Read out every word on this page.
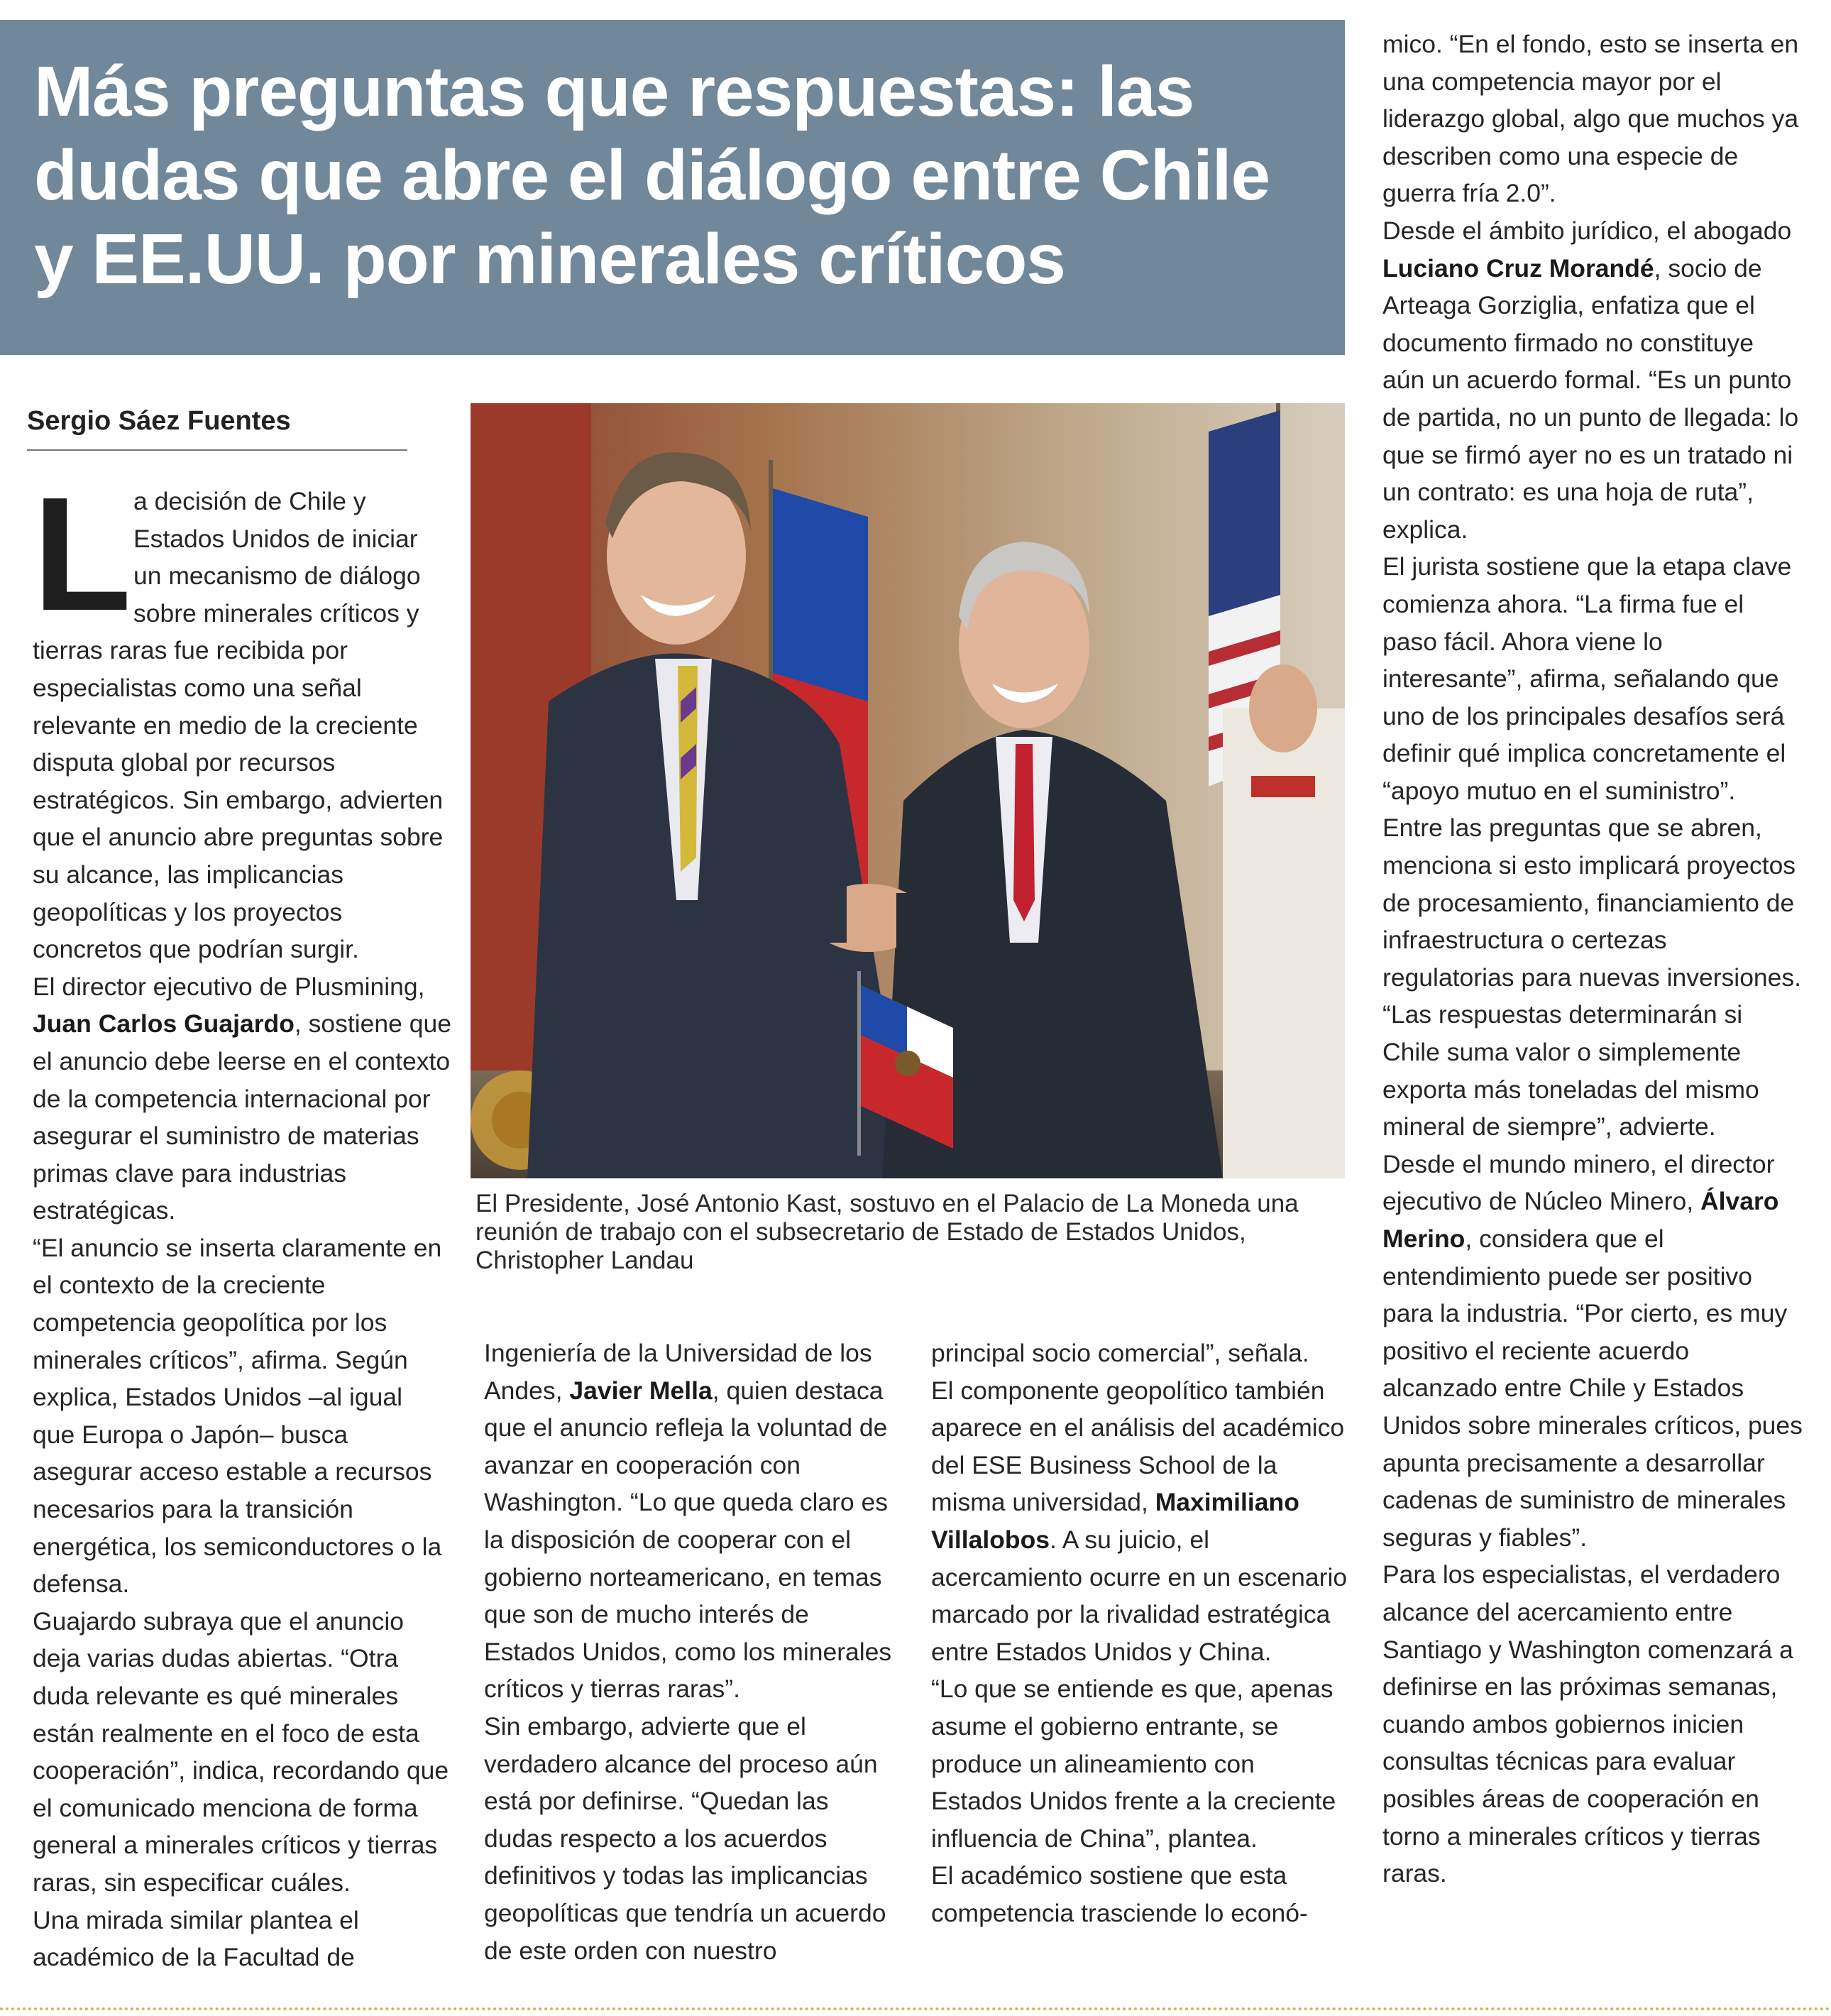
Más preguntas que respuestas: las dudas que abre el diálogo entre Chile y EE.UU. por minerales críticos
Sergio Sáez Fuentes

L a decisión de Chile y Estados Unidos de iniciar un mecanismo de diálogo sobre minerales críticos y tierras raras fue recibida por especialistas como una señal relevante en medio de la creciente disputa global por recursos estratégicos. Sin embargo, advierten que el anuncio abre preguntas sobre su alcance, las implicancias geopolíticas y los proyectos concretos que podrían surgir.

El director ejecutivo de Plusmining, Juan Carlos Guajardo, sostiene que el anuncio debe leerse en el contexto de la competencia internacional por asegurar el suministro de materias primas clave para industrias estratégicas.

“El anuncio se inserta claramente en el contexto de la creciente competencia geopolítica por los minerales críticos”, afirma. Según explica, Estados Unidos –al igual que Europa o Japón– busca asegurar acceso estable a recursos necesarios para la transición energética, los semiconductores o la defensa.

Guajardo subraya que el anuncio deja varias dudas abiertas. “Otra duda relevante es qué minerales están realmente en el foco de esta cooperación”, indica, recordando que el comunicado menciona de forma general a minerales críticos y tierras raras, sin especificar cuáles.

Una mirada similar plantea el académico de la Facultad de

El Presidente, José Antonio Kast, sostuvo en el Palacio de La Moneda una reunión de trabajo con el subsecretario de Estado de Estados Unidos, Christopher Landau

Ingeniería de la Universidad de los Andes, Javier Mella, quien destaca que el anuncio refleja la voluntad de avanzar en cooperación con Washington. “Lo que queda claro es la disposición de cooperar con el gobierno norteamericano, en temas que son de mucho interés de Estados Unidos, como los minerales críticos y tierras raras”.

Sin embargo, advierte que el verdadero alcance del proceso aún está por definirse. “Quedan las dudas respecto a los acuerdos definitivos y todas las implicancias geopolíticas que tendría un acuerdo de este orden con nuestro

principal socio comercial”, señala.

El componente geopolítico también aparece en el análisis del académico del ESE Business School de la misma universidad, Maximiliano Villalobos. A su juicio, el acercamiento ocurre en un escenario marcado por la rivalidad estratégica entre Estados Unidos y China.

“Lo que se entiende es que, apenas asume el gobierno entrante, se produce un alineamiento con Estados Unidos frente a la creciente influencia de China”, plantea.

El académico sostiene que esta competencia trasciende lo econó-

mico. “En el fondo, esto se inserta en una competencia mayor por el liderazgo global, algo que muchos ya describen como una especie de guerra fría 2.0”.

Desde el ámbito jurídico, el abogado Luciano Cruz Morandé, socio de Arteaga Gorziglia, enfatiza que el documento firmado no constituye aún un acuerdo formal. “Es un punto de partida, no un punto de llegada: lo que se firmó ayer no es un tratado ni un contrato: es una hoja de ruta”, explica.

El jurista sostiene que la etapa clave comienza ahora. “La firma fue el paso fácil. Ahora viene lo interesante”, afirma, señalando que uno de los principales desafíos será definir qué implica concretamente el “apoyo mutuo en el suministro”.

Entre las preguntas que se abren, menciona si esto implicará proyectos de procesamiento, financiamiento de infraestructura o certezas regulatorias para nuevas inversiones. “Las respuestas determinarán si Chile suma valor o simplemente exporta más toneladas del mismo mineral de siempre”, advierte.

Desde el mundo minero, el director ejecutivo de Núcleo Minero, Álvaro Merino, considera que el entendimiento puede ser positivo para la industria. “Por cierto, es muy positivo el reciente acuerdo alcanzado entre Chile y Estados Unidos sobre minerales críticos, pues apunta precisamente a desarrollar cadenas de suministro de minerales seguras y fiables”.

Para los especialistas, el verdadero alcance del acercamiento entre Santiago y Washington comenzará a definirse en las próximas semanas, cuando ambos gobiernos inicien consultas técnicas para evaluar posibles áreas de cooperación en torno a minerales críticos y tierras raras.
